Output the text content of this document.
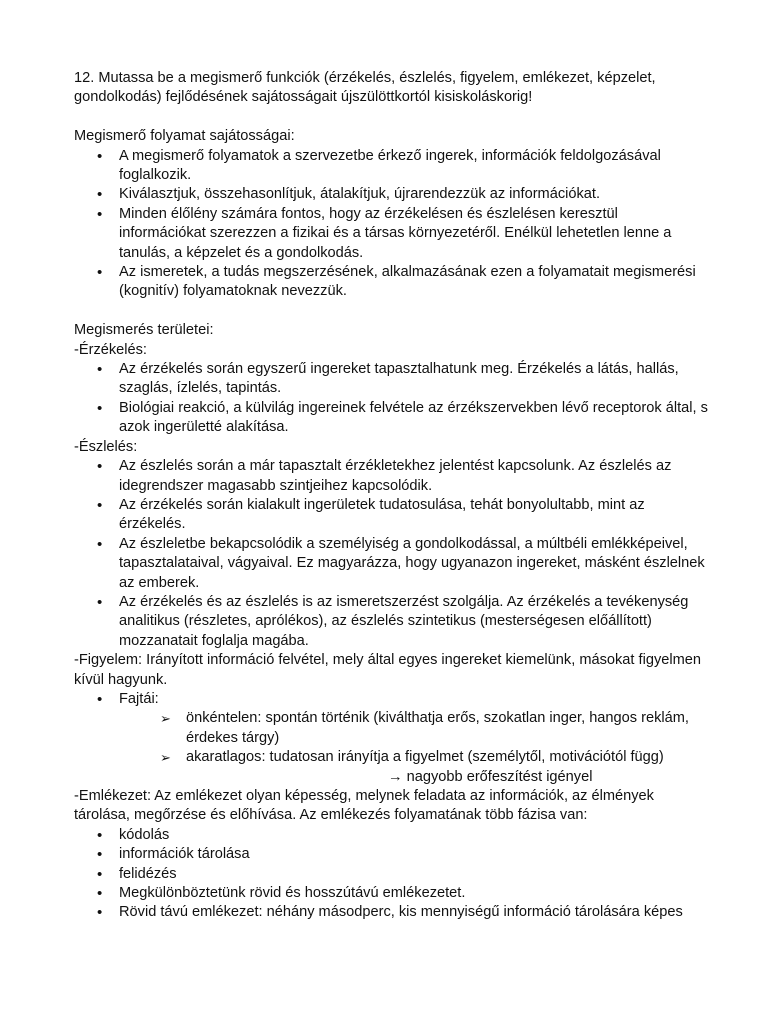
12. Mutassa be a megismerő funkciók (érzékelés, észlelés, figyelem, emlékezet, képzelet, gondolkodás) fejlődésének sajátosságait újszülöttkortól kisiskoláskorig!

Megismerő folyamat sajátosságai:

• A megismerő folyamatok a szervezetbe érkező ingerek, információk feldolgozásával foglalkozik.
• Kiválasztjuk, összehasonlítjuk, átalakítjuk, újrarendezzük az információkat.
• Minden élőlény számára fontos, hogy az érzékelésen és észlelésen keresztül információkat szerezzen a fizikai és a társas környezetéről. Enélkül lehetetlen lenne a tanulás, a képzelet és a gondolkodás.
• Az ismeretek, a tudás megszerzésének, alkalmazásának ezen a folyamatait megismerési (kognitív) folyamatoknak nevezzük.

Megismerés területei:

-Érzékelés:

• Az érzékelés során egyszerű ingereket tapasztalhatunk meg. Érzékelés a látás, hallás, szaglás, ízlelés, tapintás.
• Biológiai reakció, a külvilág ingereinek felvétele az érzékszervekben lévő receptorok által, s azok ingerületté alakítása.

-Észlelés:

• Az észlelés során a már tapasztalt érzékletekhez jelentést kapcsolunk. Az észlelés az idegrendszer magasabb szintjeihez kapcsolódik.
• Az érzékelés során kialakult ingerületek tudatosulása, tehát bonyolultabb, mint az érzékelés.
• Az észleletbe bekapcsolódik a személyiség a gondolkodással, a múltbéli emlékképeivel, tapasztalataival, vágyaival. Ez magyarázza, hogy ugyanazon ingereket, másként észlelnek az emberek.
• Az érzékelés és az észlelés is az ismeretszerzést szolgálja. Az érzékelés a tevékenység analitikus (részletes, aprólékos), az észlelés szintetikus (mesterségesen előállított) mozzanatait foglalja magába.

-Figyelem: Irányított információ felvétel, mely által egyes ingereket kiemelünk, másokat figyelmen kívül hagyunk.

• Fajtái:
➢ önkéntelen: spontán történik (kiválthatja erős, szokatlan inger, hangos reklám, érdekes tárgy)
➢ akaratlagos: tudatosan irányítja a figyelmet (személytől, motivációtól függ)

→ nagyobb erőfeszítést igényel

-Emlékezet: Az emlékezet olyan képesség, melynek feladata az információk, az élmények tárolása, megőrzése és előhívása. Az emlékezés folyamatának több fázisa van:

• kódolás
• információk tárolása
• felidézés
• Megkülönböztetünk rövid és hosszútávú emlékezetet.
• Rövid távú emlékezet: néhány másodperc, kis mennyiségű információ tárolására képes
